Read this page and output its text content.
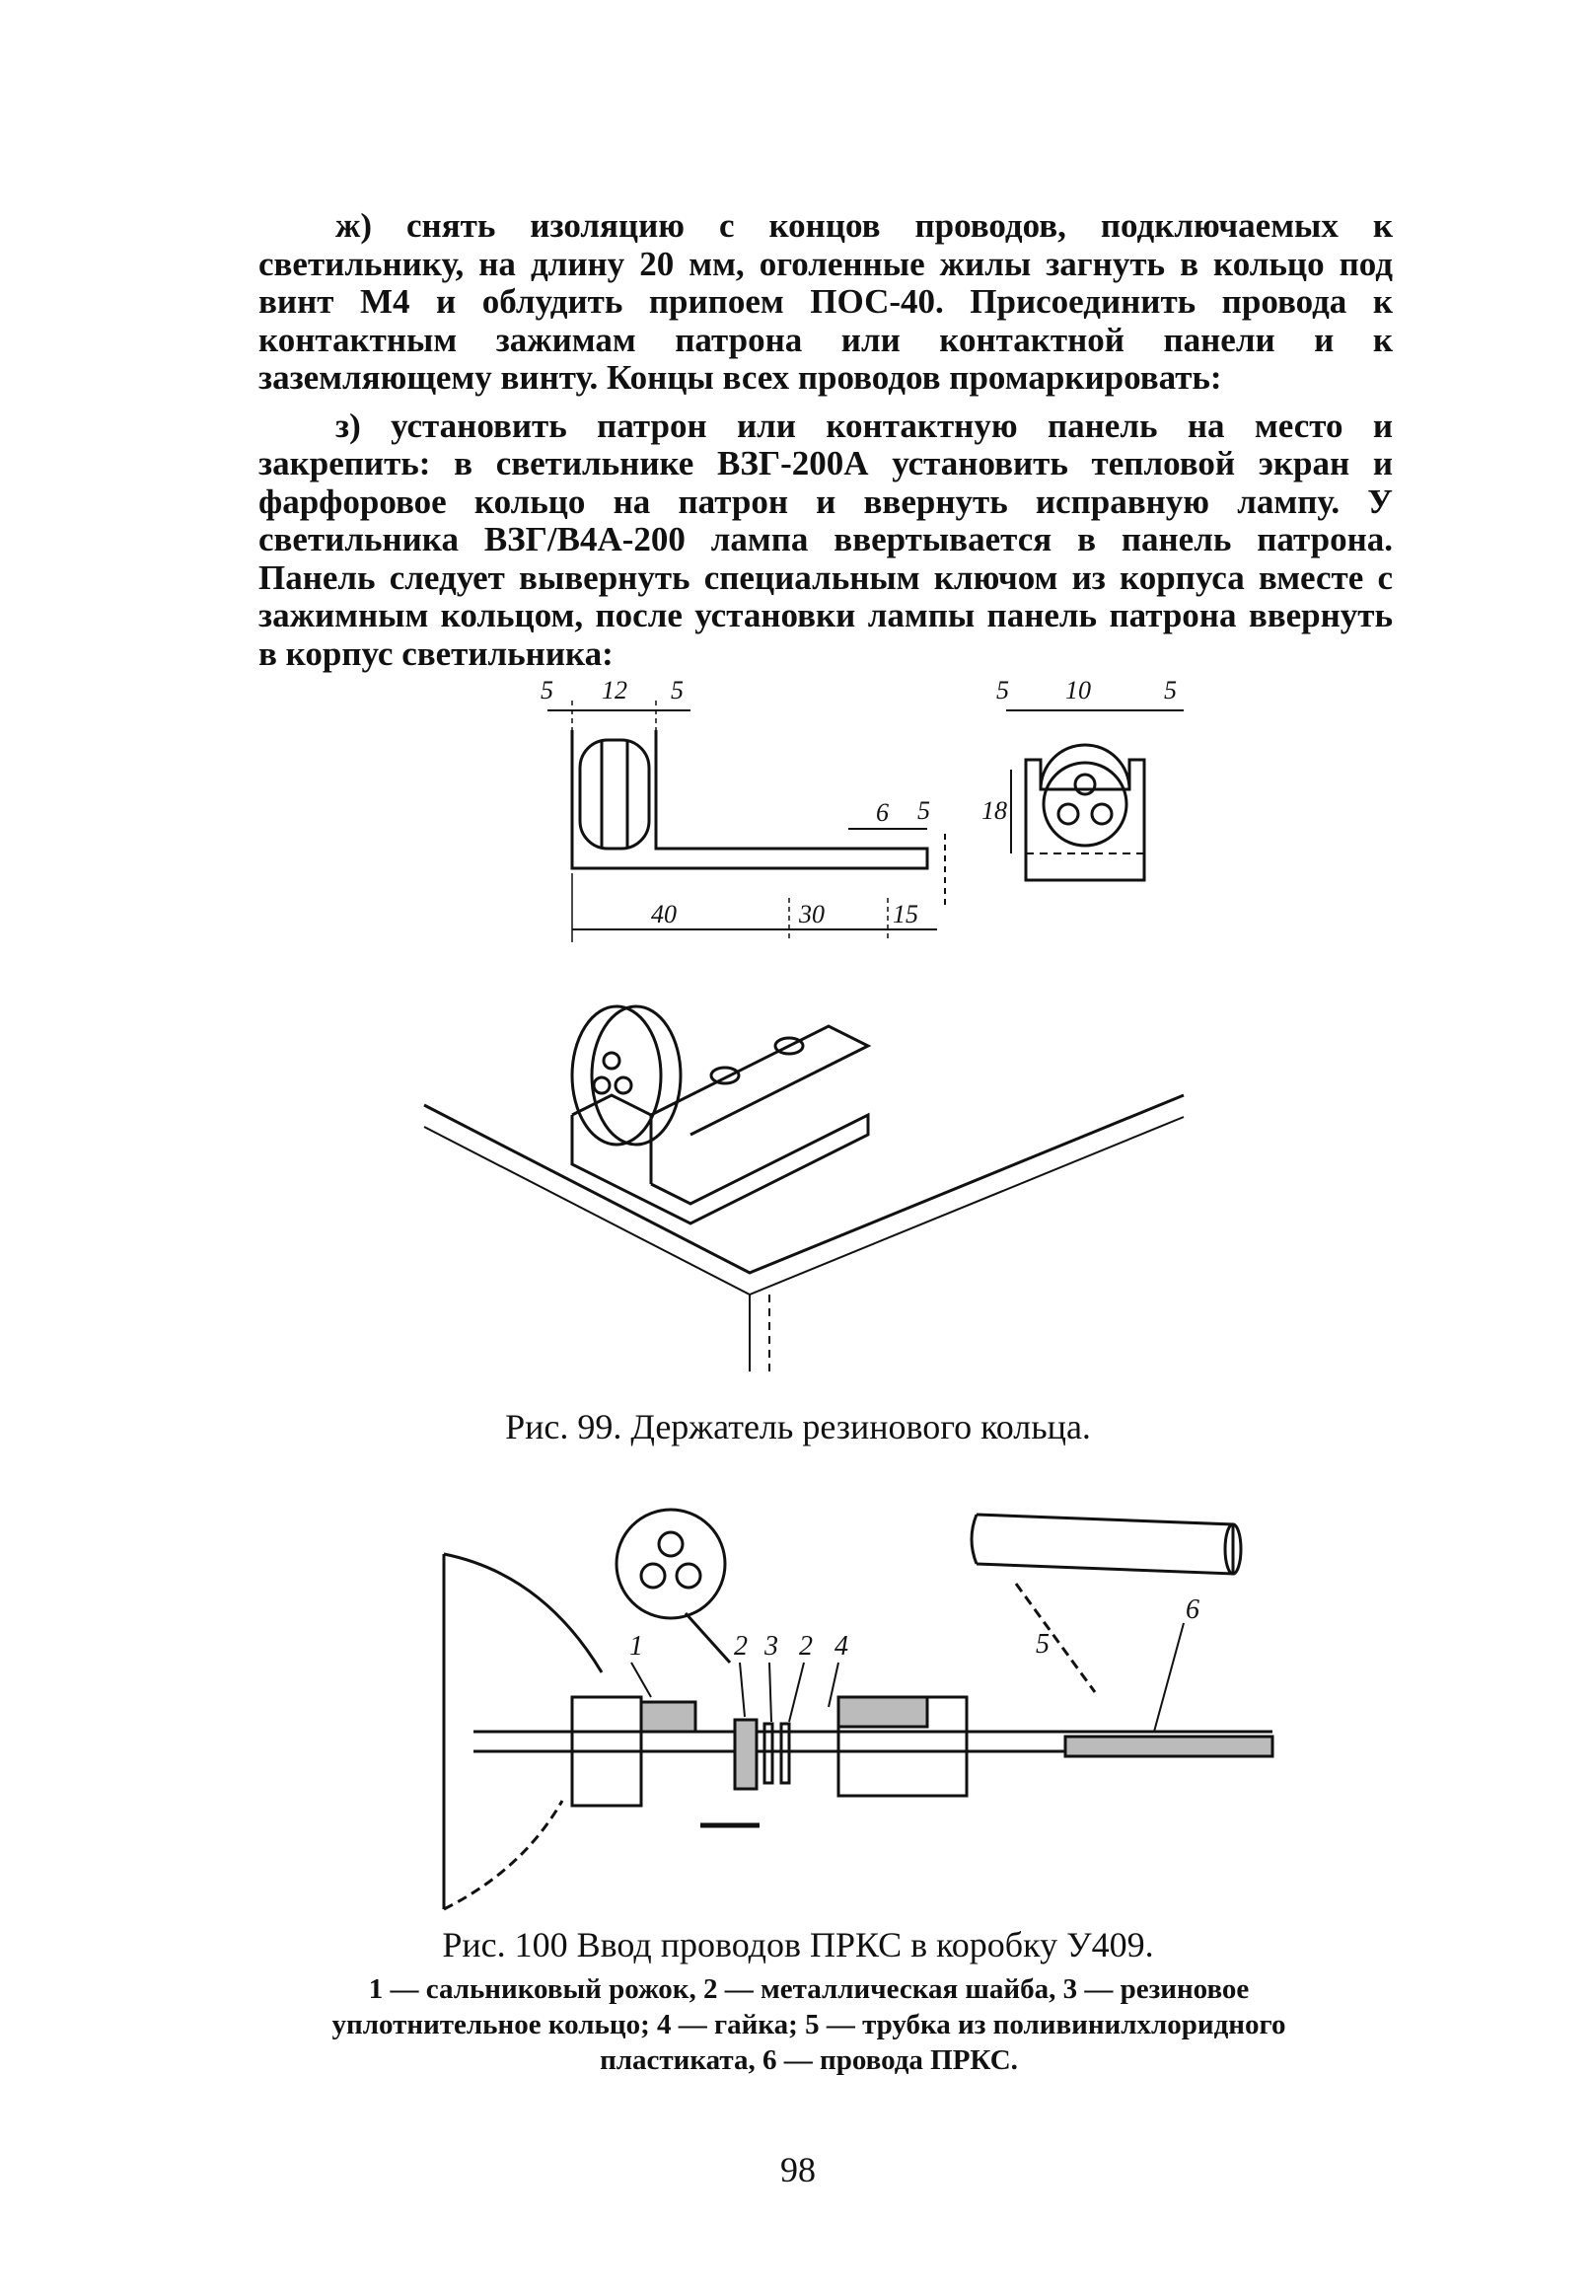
ж) снять изоляцию с концов проводов, подключаемых к светильнику, на длину 20 мм, оголенные жилы загнуть в кольцо под винт М4 и облудить припоем ПОС-40. Присоединить провода к контактным зажимам патрона или контактной панели и к заземляющему винту. Концы всех проводов промаркировать:

з) установить патрон или контактную панель на место и закрепить: в светильнике ВЗГ-200А установить тепловой экран и фарфоровое кольцо на патрон и ввернуть исправную лампу. У светильника ВЗГ/В4А-200 лампа ввертывается в панель патрона. Панель следует вывернуть специальным ключом из корпуса вместе с зажимным кольцом, после установки лампы панель патрона ввернуть в корпус светильника:

5 12 5
6 5
40	30	15
5 10	5
18
Рис. 99. Держатель резинового кольца.
1	2 3 2 4	5
6
Рис. 100 Ввод проводов ПРКС в коробку У409.
1 — сальниковый рожок, 2 — металлическая шайба, 3 — резиновое уплотнительное кольцо; 4 — гайка; 5 — трубка из поливинилхлоридного пластиката, 6 — провода ПРКС.
98
